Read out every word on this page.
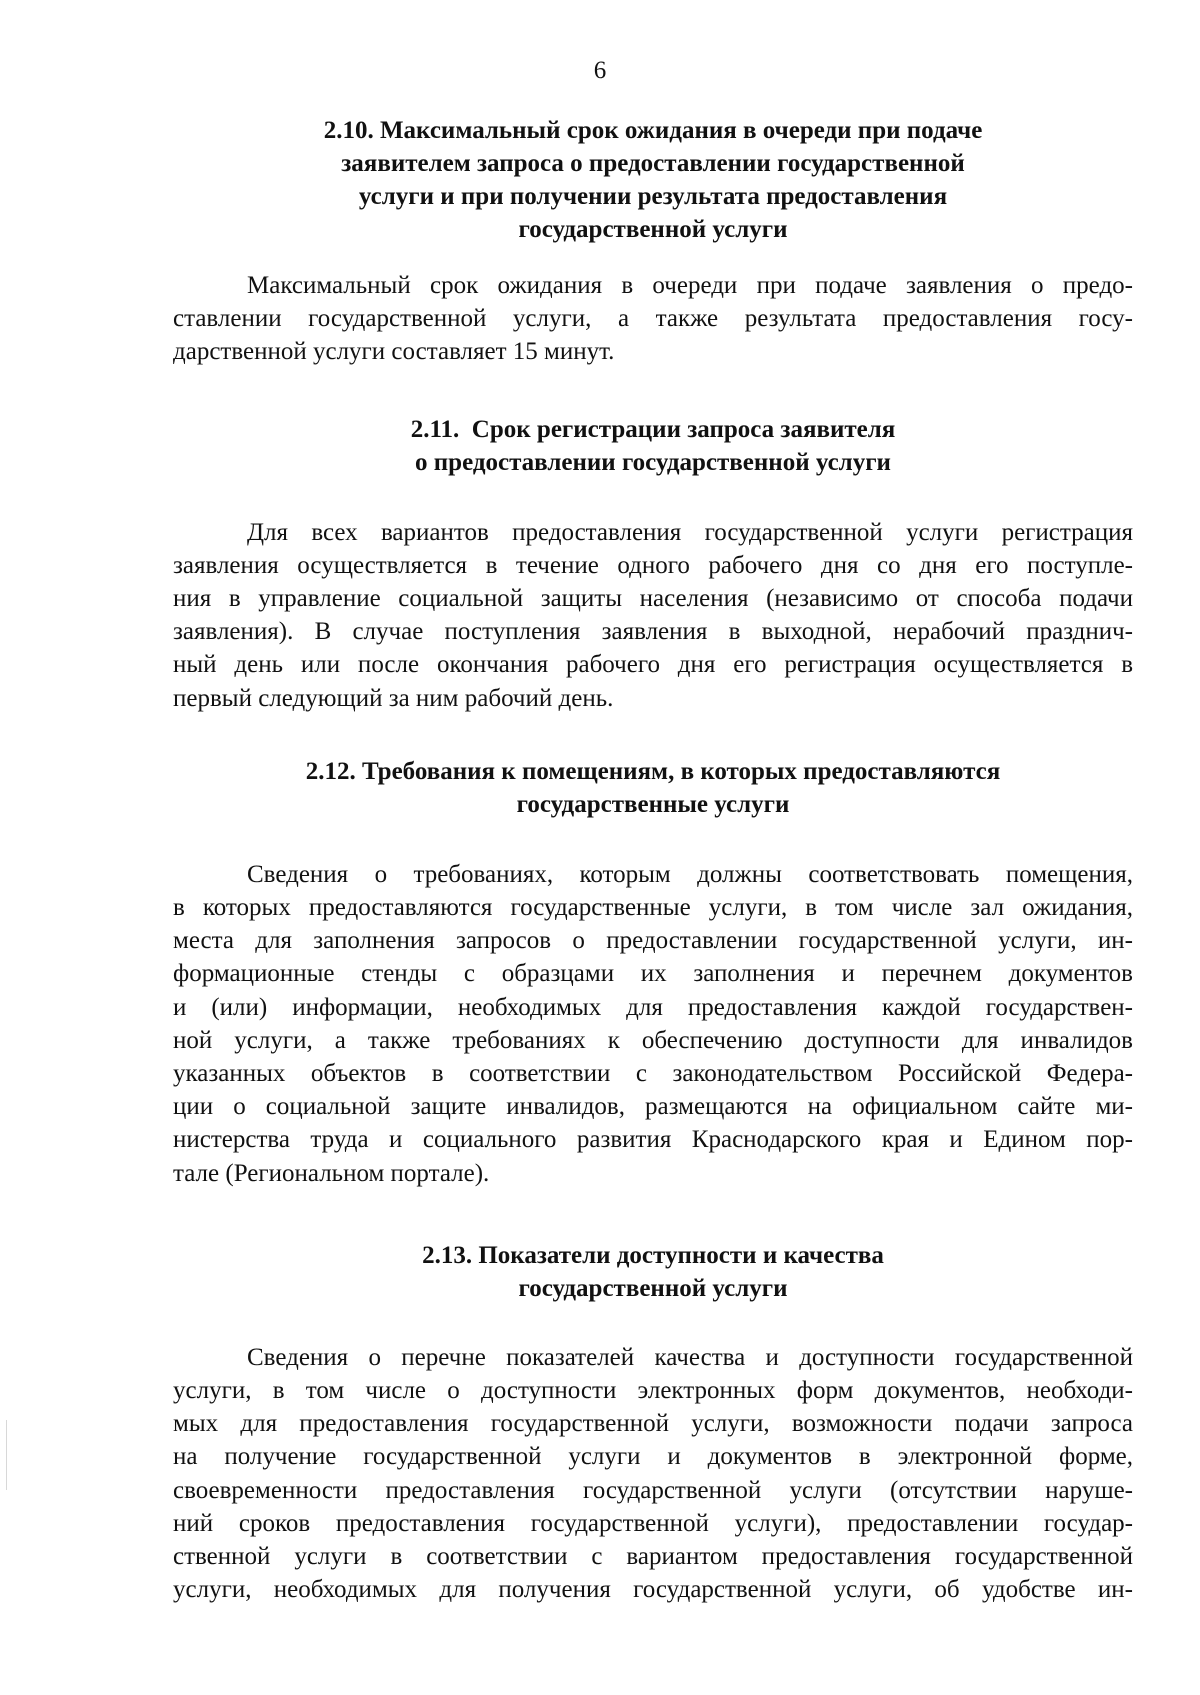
6
2.10. Максимальный срок ожидания в очереди при подаче
заявителем запроса о предоставлении государственной
услуги и при получении результата предоставления
государственной услуги

Максимальный срок ожидания в очереди при подаче заявления о предо-
ставлении государственной услуги, а также результата предоставления госу-
дарственной услуги составляет 15 минут.

2.11.  Срок регистрации запроса заявителя
о предоставлении государственной услуги

Для всех вариантов предоставления государственной услуги регистрация
заявления осуществляется в течение одного рабочего дня со дня его поступле-
ния в управление социальной защиты населения (независимо от способа подачи
заявления). В случае поступления заявления в выходной, нерабочий празднич-
ный день или после окончания рабочего дня его регистрация осуществляется в
первый следующий за ним рабочий день.

2.12. Требования к помещениям, в которых предоставляются
государственные услуги

Сведения о требованиях, которым должны соответствовать помещения,
в которых предоставляются государственные услуги, в том числе зал ожидания,
места для заполнения запросов о предоставлении государственной услуги, ин-
формационные стенды с образцами их заполнения и перечнем документов
и (или) информации, необходимых для предоставления каждой государствен-
ной услуги, а также требованиях к обеспечению доступности для инвалидов
указанных объектов в соответствии с законодательством Российской Федера-
ции о социальной защите инвалидов, размещаются на официальном сайте ми-
нистерства труда и социального развития Краснодарского края и Едином пор-
тале (Региональном портале).

2.13. Показатели доступности и качества
государственной услуги

Сведения о перечне показателей качества и доступности государственной
услуги, в том числе о доступности электронных форм документов, необходи-
мых для предоставления государственной услуги, возможности подачи запроса
на получение государственной услуги и документов в электронной форме,
своевременности предоставления государственной услуги (отсутствии наруше-
ний сроков предоставления государственной услуги), предоставлении государ-
ственной услуги в соответствии с вариантом предоставления государственной
услуги, необходимых для получения государственной услуги, об удобстве ин-
